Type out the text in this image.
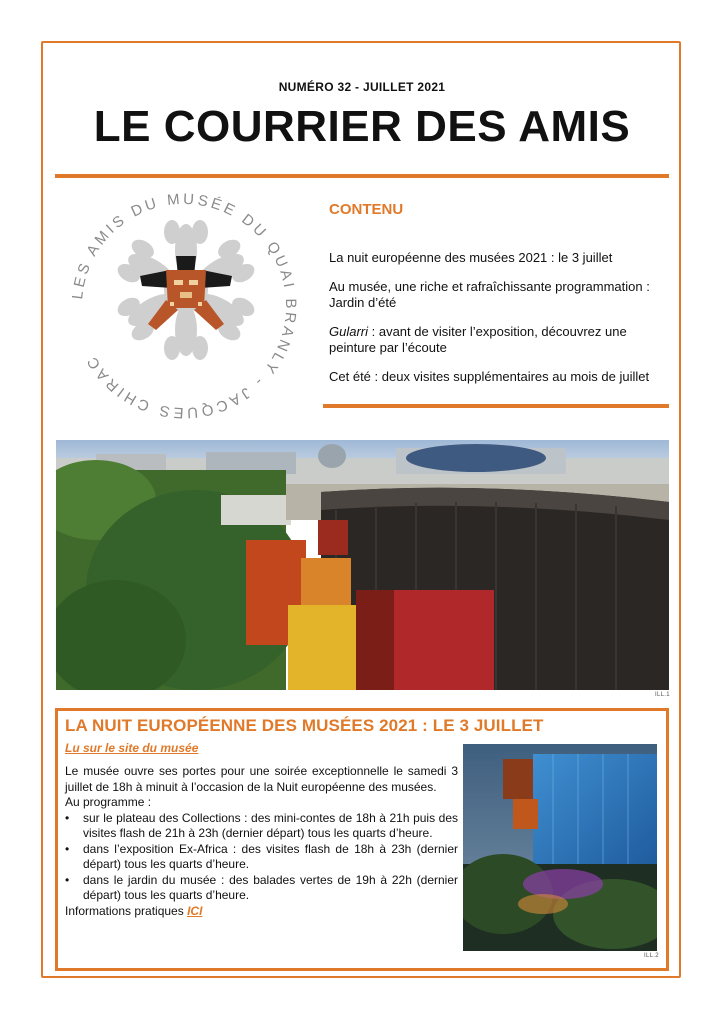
NUMÉRO 32 - JUILLET 2021
LE COURRIER DES AMIS
LES AMIS DU MUSÉE DU QUAI BRANLY - JACQUES CHIRAC
CONTENU
La nuit européenne des musées 2021 : le 3 juillet
Au musée, une riche et rafraîchissante programmation : Jardin d’été
Gularri : avant de visiter l’exposition, découvrez une peinture par l’écoute
Cet été : deux visites supplémentaires au mois de juillet
ILL.1
LA NUIT EUROPÉENNE DES MUSÉES 2021 : LE 3 JUILLET
Lu sur le site du musée

Le musée ouvre ses portes pour une soirée exceptionnelle le samedi 3 juillet de 18h à minuit à l’occasion de la Nuit européenne des musées.

Au programme :

• sur le plateau des Collections : des mini-contes de 18h à 21h puis des visites flash de 21h à 23h (dernier départ) tous les quarts d’heure.
• dans l’exposition Ex-Africa : des visites flash de 18h à 23h (dernier départ) tous les quarts d’heure.
• dans le jardin du musée : des balades vertes de 19h à 22h (dernier départ) tous les quarts d’heure.

Informations pratiques ICI

ILL.2
